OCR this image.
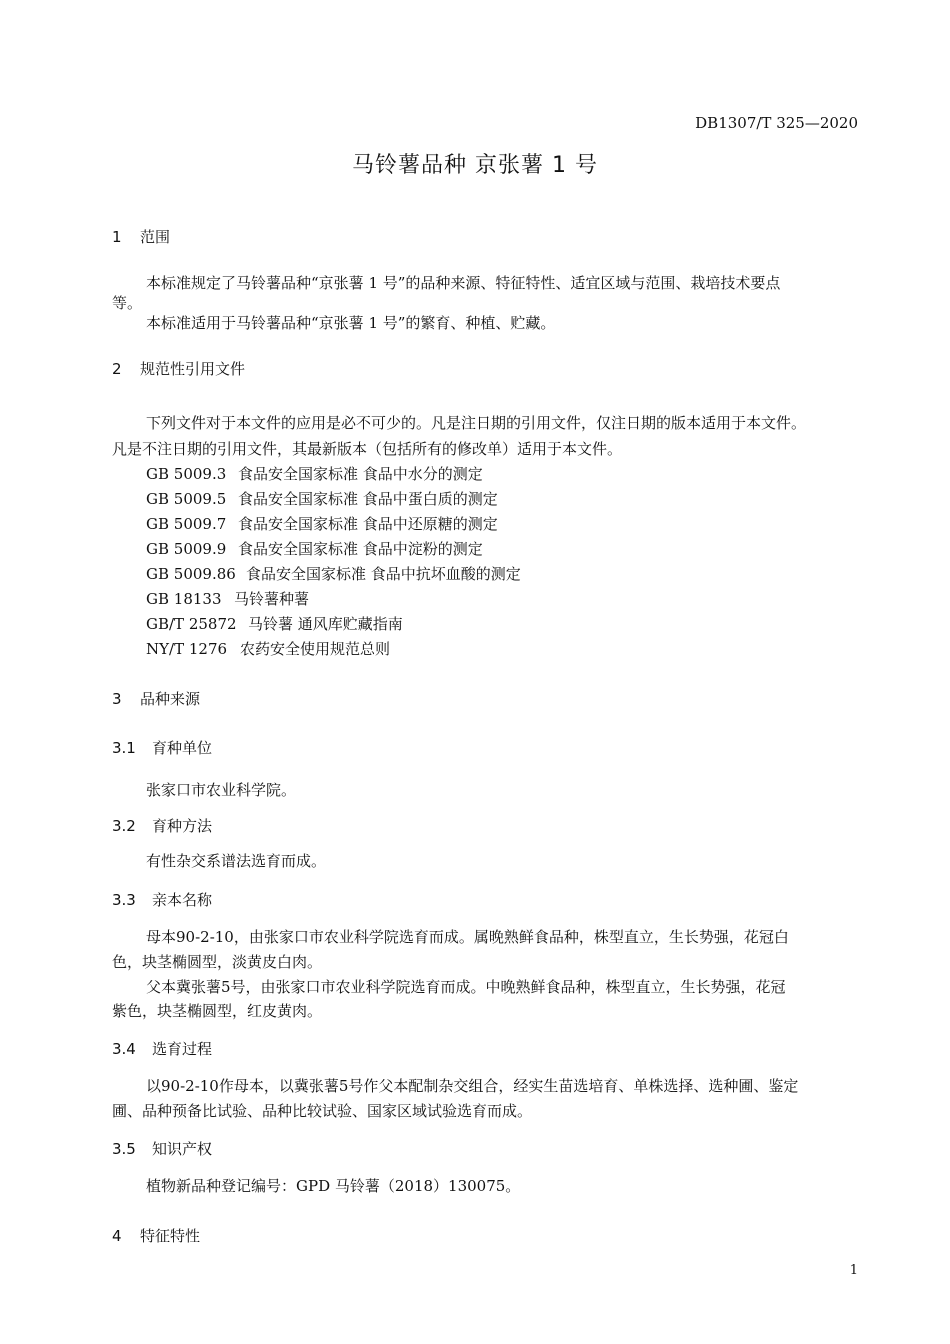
DB1307/T 325—2020
马铃薯品种 京张薯 1 号
1 范围
本标准规定了马铃薯品种“京张薯 1 号”的品种来源、特征特性、适宜区域与范围、栽培技术要点
等。
本标准适用于马铃薯品种“京张薯 1 号”的繁育、种植、贮藏。
2 规范性引用文件
下列文件对于本文件的应用是必不可少的。凡是注日期的引用文件，仅注日期的版本适用于本文件。
凡是不注日期的引用文件，其最新版本（包括所有的修改单）适用于本文件。
GB 5009.3 食品安全国家标准 食品中水分的测定
GB 5009.5 食品安全国家标准 食品中蛋白质的测定
GB 5009.7 食品安全国家标准 食品中还原糖的测定
GB 5009.9 食品安全国家标准 食品中淀粉的测定
GB 5009.86 食品安全国家标准 食品中抗坏血酸的测定
GB 18133 马铃薯种薯
GB/T 25872 马铃薯 通风库贮藏指南
NY/T 1276 农药安全使用规范总则
3 品种来源
3.1 育种单位
张家口市农业科学院。
3.2 育种方法
有性杂交系谱法选育而成。
3.3 亲本名称
母本90-2-10，由张家口市农业科学院选育而成。属晚熟鲜食品种，株型直立，生长势强，花冠白
色，块茎椭圆型，淡黄皮白肉。
父本冀张薯5号，由张家口市农业科学院选育而成。中晚熟鲜食品种，株型直立，生长势强，花冠
紫色，块茎椭圆型，红皮黄肉。
3.4 选育过程
以90-2-10作母本，以冀张薯5号作父本配制杂交组合，经实生苗选培育、单株选择、选种圃、鉴定
圃、品种预备比试验、品种比较试验、国家区域试验选育而成。
3.5 知识产权
植物新品种登记编号：GPD 马铃薯（2018）130075。
4 特征特性
1
